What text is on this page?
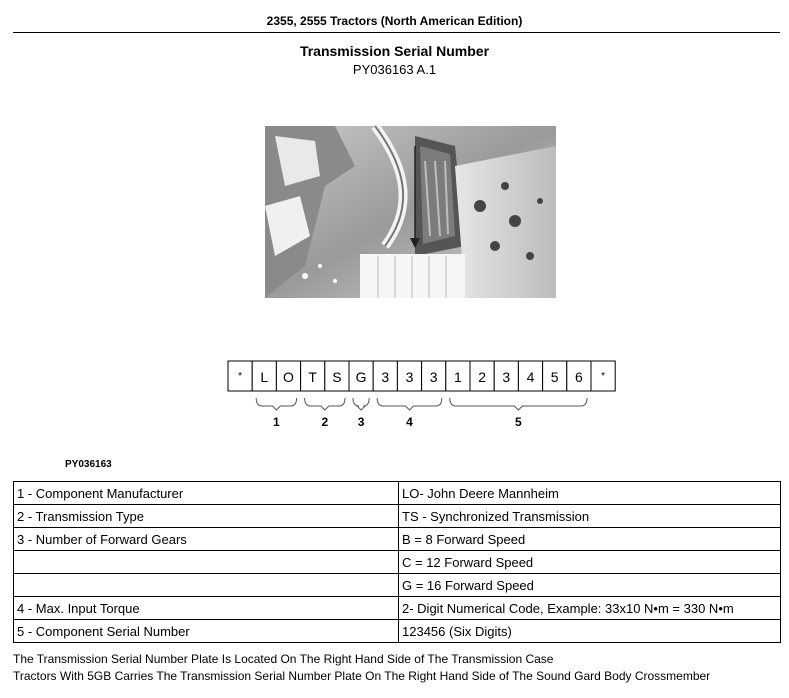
2355, 2555 Tractors (North American Edition)
Transmission Serial Number
PY036163 A.1
* L O T S G 3 3 3 1 2 3 4 5 6 *
1	2 3	4	5
PY036163
1 - Component Manufacturer	LO- John Deere Mannheim
2 - Transmission Type	TS - Synchronized Transmission
3 - Number of Forward Gears	B = 8 Forward Speed
	C = 12 Forward Speed
	G = 16 Forward Speed
4 - Max. Input Torque	2- Digit Numerical Code, Example: 33x10 N•m = 330 N•m
5 - Component Serial Number	123456 (Six Digits)
The Transmission Serial Number Plate Is Located On The Right Hand Side of The Transmission Case
Tractors With 5GB Carries The Transmission Serial Number Plate On The Right Hand Side of The Sound Gard Body Crossmember
